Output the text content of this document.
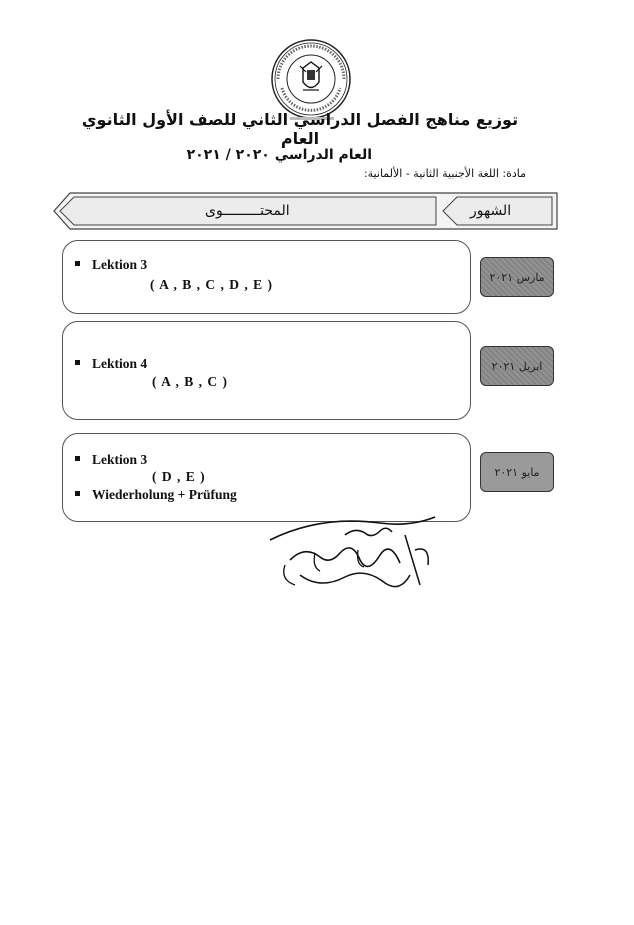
توزيع مناهج الفصل الدراسي الثاني للصف الأول الثانوي العام
العام الدراسي ٢٠٢٠ / ٢٠٢١
مادة: اللغة الأجنبية الثانية - الألمانية:
المحتـــــــــوى	الشهور
Lektion 3
( A , B , C , D , E )	مارس ٢٠٢١
Lektion 4
( A , B , C )
ابريل ٢٠٢١
Lektion 3
( D , E )
Wiederholung + Prüfung
مايو ٢٠٢١
